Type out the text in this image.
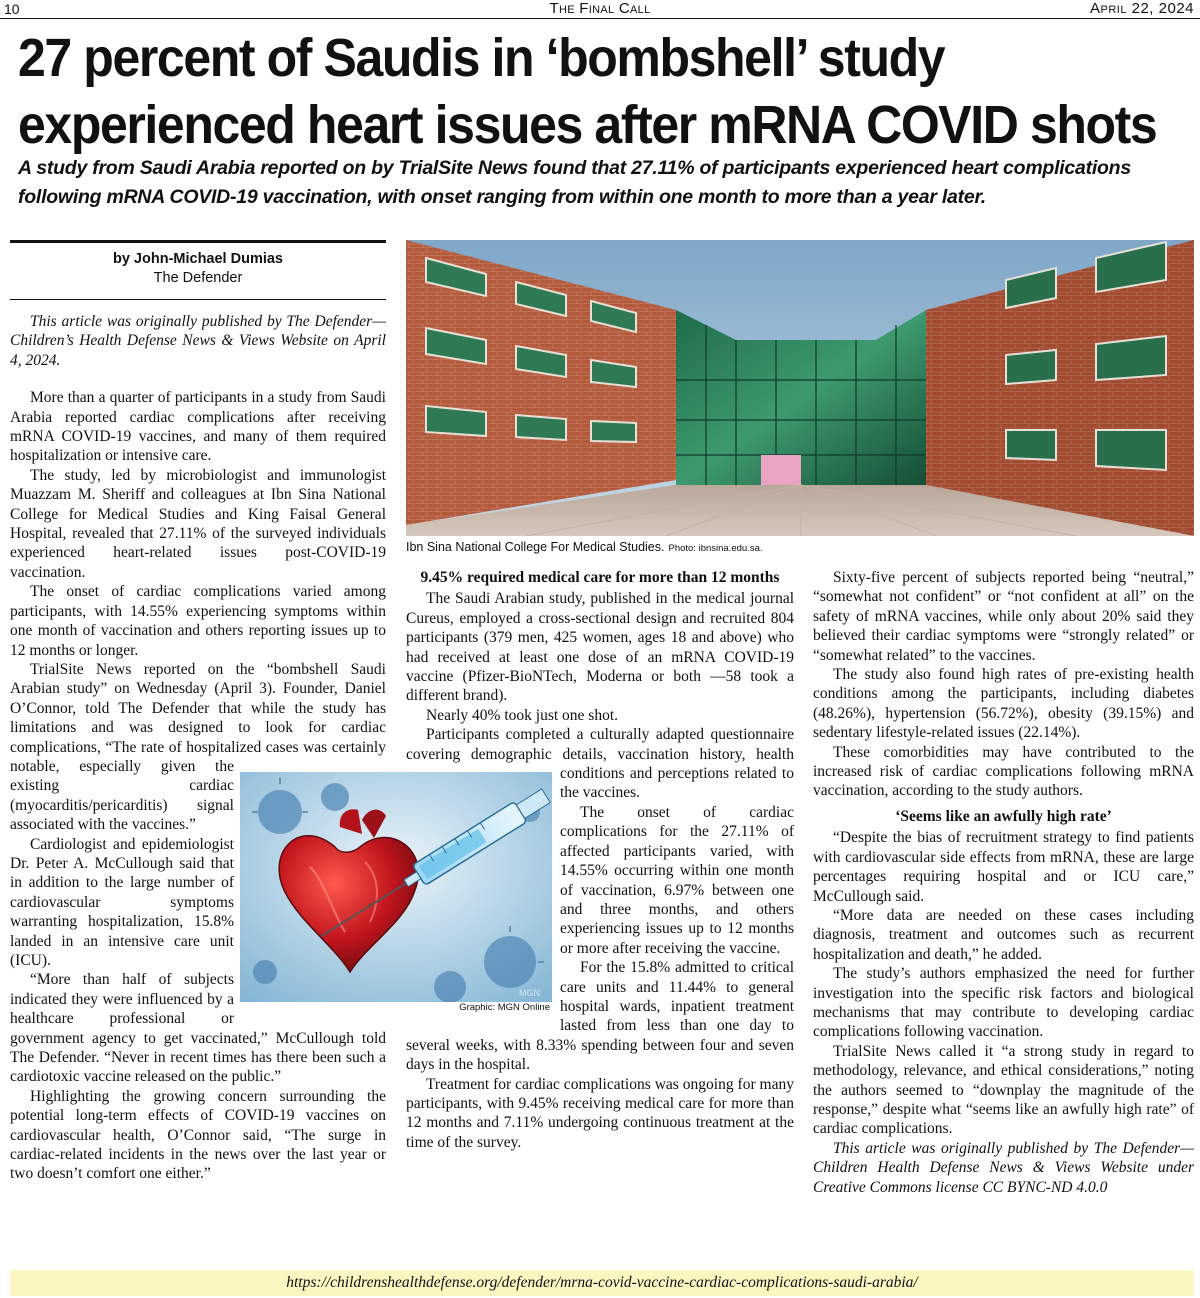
10	The Final Call	April 22, 2024
27 percent of Saudis in ‘bombshell’ study experienced heart issues after mRNA COVID shots

A study from Saudi Arabia reported on by TrialSite News found that 27.11% of participants experienced heart complications following mRNA COVID-19 vaccination, with onset ranging from within one month to more than a year later.

by John-Michael Dumias
The Defender
Ibn Sina National College For Medical Studies. Photo: ibnsina.edu.sa.

This article was originally published by The Defender—Children’s Health Defense News & Views Website on April 4, 2024.

More than a quarter of participants in a study from Saudi Arabia reported cardiac complications after receiving mRNA COVID-19 vaccines, and many of them required hospitalization or intensive care.

The study, led by microbiologist and immunologist Muazzam M. Sheriff and colleagues at Ibn Sina National College for Medical Studies and King Faisal General Hospital, revealed that 27.11% of the surveyed individuals experienced heart-related issues post-COVID-19 vaccination.

The onset of cardiac complications varied among participants, with 14.55% experiencing symptoms within one month of vaccination and others reporting issues up to 12 months or longer.

TrialSite News reported on the “bombshell Saudi Arabian study” on Wednesday (April 3). Founder, Daniel O’Connor, told The Defender that while the study has limitations and was designed to look for cardiac complications, “The rate of hospitalized cases was certainly notable, especially given the existing cardiac (myocarditis/pericarditis) signal associated with the vaccines.”

Cardiologist and epidemiologist Dr. Peter A. McCullough said that in addition to the large number of cardiovascular symptoms warranting hospitalization, 15.8% landed in an intensive care unit (ICU).

“More than half of subjects indicated they were influenced by a healthcare professional or government agency to get vaccinated,” McCullough told The Defender. “Never in recent times has there been such a cardiotoxic vaccine released on the public.”

Highlighting the growing concern surrounding the potential long-term effects of COVID-19 vaccines on cardiovascular health, O’Connor said, “The surge in cardiac-related incidents in the news over the last year or two doesn’t comfort one either.”

9.45% required medical care for more than 12 months

The Saudi Arabian study, published in the medical journal Cureus, employed a cross-sectional design and recruited 804 participants (379 men, 425 women, ages 18 and above) who had received at least one dose of an mRNA COVID-19 vaccine (Pfizer-BioNTech, Moderna or both —58 took a different brand).

Nearly 40% took just one shot.

Participants completed a culturally adapted questionnaire covering demographic details, vaccination history, health conditions and perceptions related to the vaccines.

The onset of cardiac complications for the 27.11% of affected participants varied, with 14.55% occurring within one month of vaccination, 6.97% between one and three months, and others experiencing issues up to 12 months or more after receiving the vaccine.

For the 15.8% admitted to critical care units and 11.44% to general hospital wards, inpatient treatment lasted from less than one day to several weeks, with 8.33% spending between four and seven days in the hospital.

Treatment for cardiac complications was ongoing for many participants, with 9.45% receiving medical care for more than 12 months and 7.11% undergoing continuous treatment at the time of the survey.

Sixty-five percent of subjects reported being “neutral,” “somewhat not confident” or “not confident at all” on the safety of mRNA vaccines, while only about 20% said they believed their cardiac symptoms were “strongly related” or “somewhat related” to the vaccines.

The study also found high rates of pre-existing health conditions among the participants, including diabetes (48.26%), hypertension (56.72%), obesity (39.15%) and sedentary lifestyle-related issues (22.14%).

These comorbidities may have contributed to the increased risk of cardiac complications following mRNA vaccination, according to the study authors.

‘Seems like an awfully high rate’

“Despite the bias of recruitment strategy to find patients with cardiovascular side effects from mRNA, these are large percentages requiring hospital and or ICU care,” McCullough said.

“More data are needed on these cases including diagnosis, treatment and outcomes such as recurrent hospitalization and death,” he added.

The study’s authors emphasized the need for further investigation into the specific risk factors and biological mechanisms that may contribute to developing cardiac complications following vaccination.

TrialSite News called it “a strong study in regard to methodology, relevance, and ethical considerations,” noting the authors seemed to “downplay the magnitude of the response,” despite what “seems like an awfully high rate” of cardiac complications.

This article was originally published by The Defender— Children Health Defense News & Views Website under Creative Commons license CC BYNC-ND 4.0.0

MGN
Graphic: MGN Online
https://childrenshealthdefense.org/defender/mrna-covid-vaccine-cardiac-complications-saudi-arabia/
